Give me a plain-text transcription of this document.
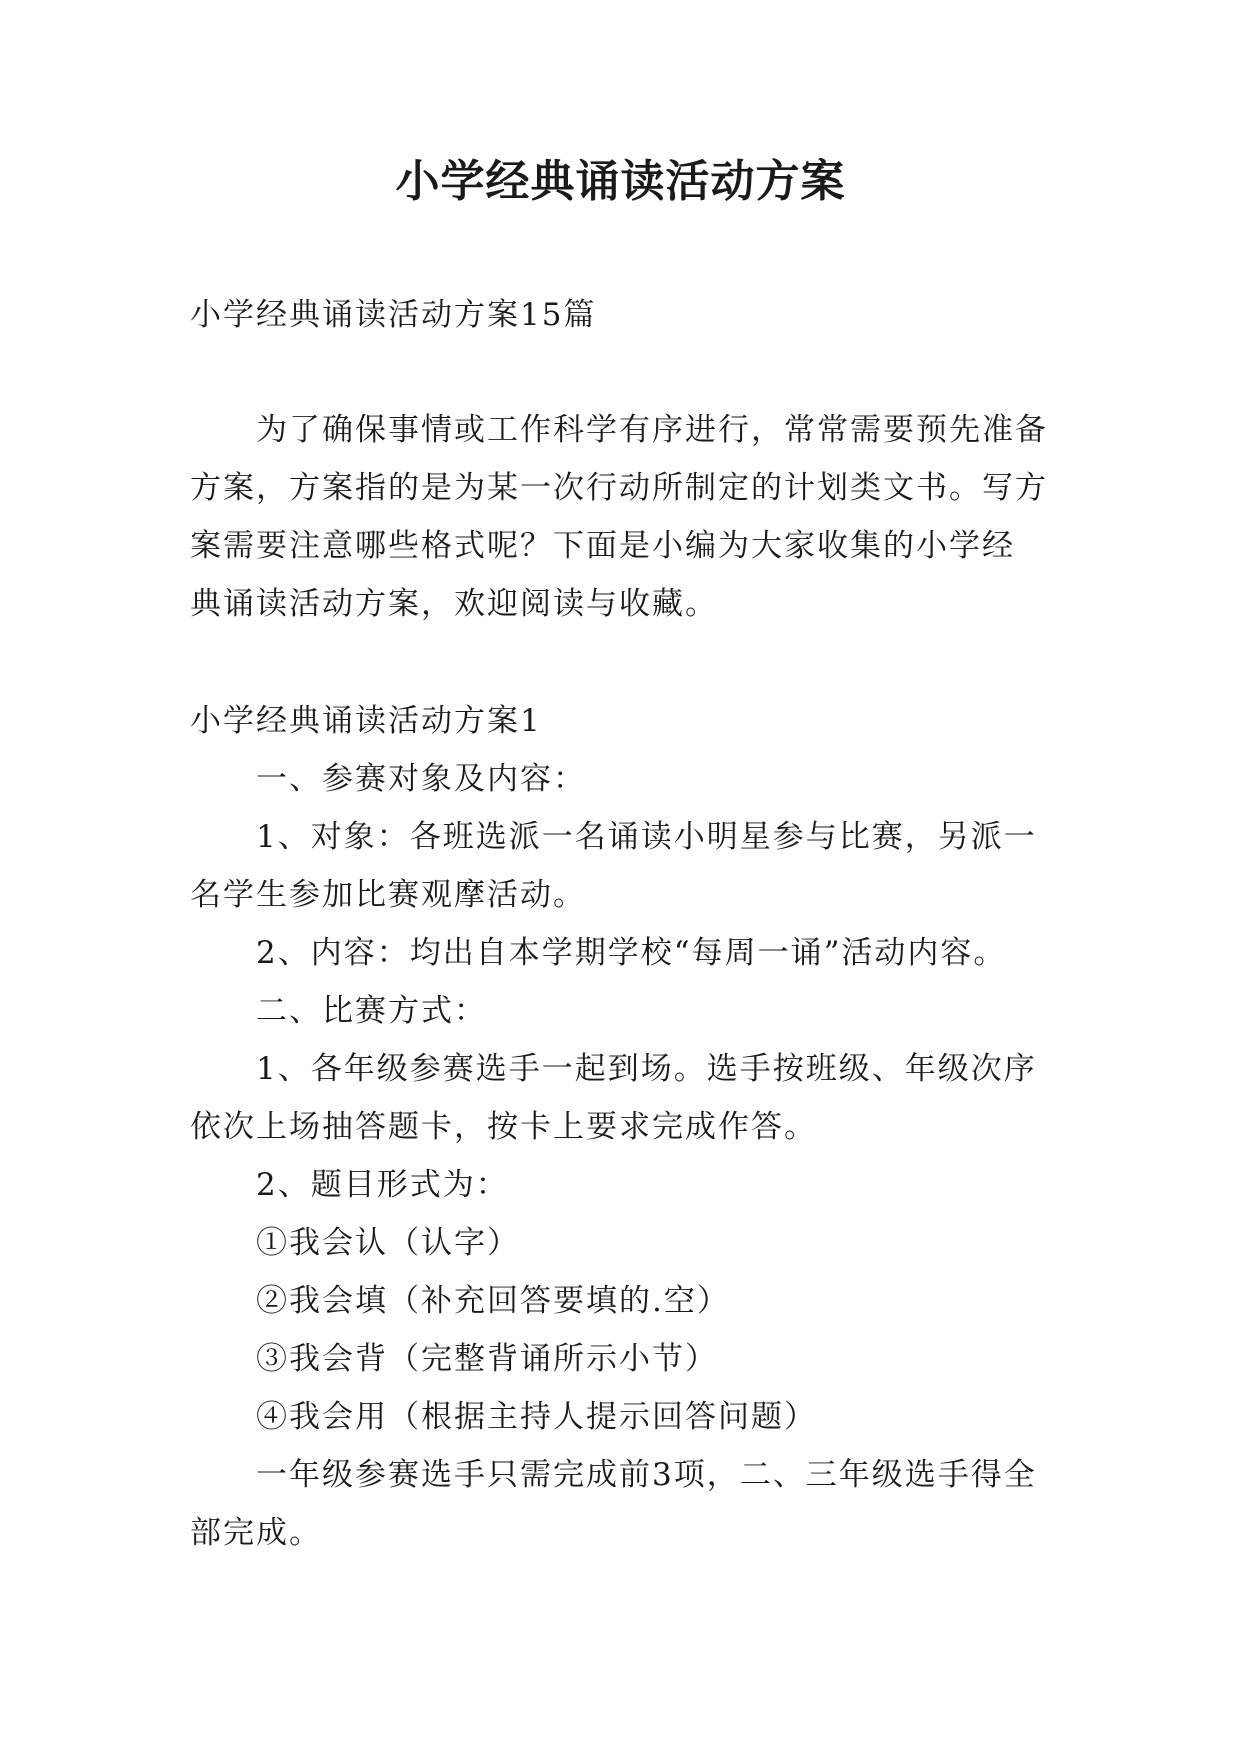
小学经典诵读活动方案

小学经典诵读活动方案15篇

为了确保事情或工作科学有序进行，常常需要预先准备

方案，方案指的是为某一次行动所制定的计划类文书。写方

案需要注意哪些格式呢？下面是小编为大家收集的小学经

典诵读活动方案，欢迎阅读与收藏。

小学经典诵读活动方案1

一、参赛对象及内容：

1、对象：各班选派一名诵读小明星参与比赛，另派一

名学生参加比赛观摩活动。

2、内容：均出自本学期学校“每周一诵”活动内容。

二、比赛方式：

1、各年级参赛选手一起到场。选手按班级、年级次序

依次上场抽答题卡，按卡上要求完成作答。

2、题目形式为：

①我会认（认字）

②我会填（补充回答要填的.空）

③我会背（完整背诵所示小节）

④我会用（根据主持人提示回答问题）

一年级参赛选手只需完成前3项，二、三年级选手得全

部完成。
